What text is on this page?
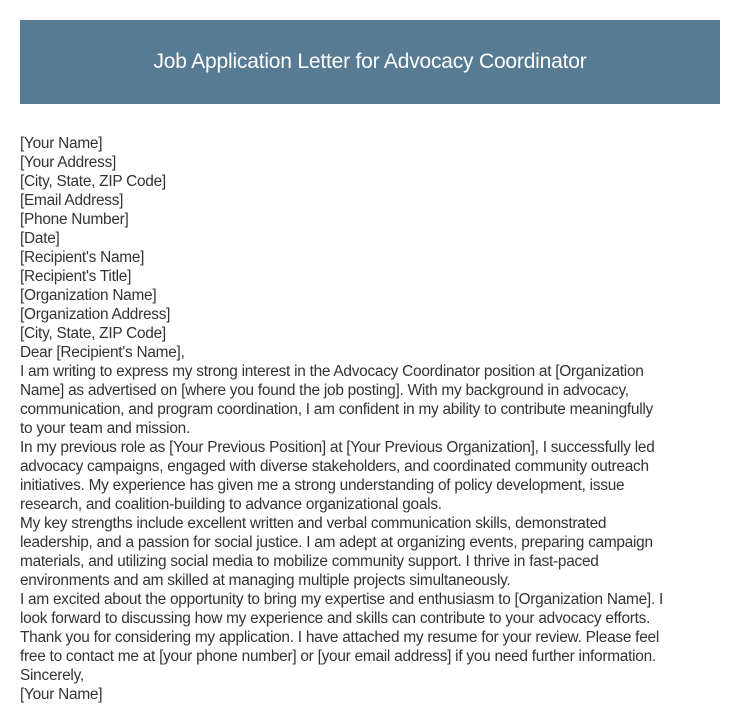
Job Application Letter for Advocacy Coordinator
[Your Name]
[Your Address]
[City, State, ZIP Code]
[Email Address]
[Phone Number]
[Date]
[Recipient's Name]
[Recipient's Title]
[Organization Name]
[Organization Address]
[City, State, ZIP Code]
Dear [Recipient's Name],

I am writing to express my strong interest in the Advocacy Coordinator position at [Organization
Name] as advertised on [where you found the job posting]. With my background in advocacy,
communication, and program coordination, I am confident in my ability to contribute meaningfully
to your team and mission.

In my previous role as [Your Previous Position] at [Your Previous Organization], I successfully led
advocacy campaigns, engaged with diverse stakeholders, and coordinated community outreach
initiatives. My experience has given me a strong understanding of policy development, issue
research, and coalition-building to advance organizational goals.

My key strengths include excellent written and verbal communication skills, demonstrated
leadership, and a passion for social justice. I am adept at organizing events, preparing campaign
materials, and utilizing social media to mobilize community support. I thrive in fast-paced
environments and am skilled at managing multiple projects simultaneously.

I am excited about the opportunity to bring my expertise and enthusiasm to [Organization Name]. I
look forward to discussing how my experience and skills can contribute to your advocacy efforts.
Thank you for considering my application. I have attached my resume for your review. Please feel
free to contact me at [your phone number] or [your email address] if you need further information.

Sincerely,
[Your Name]
